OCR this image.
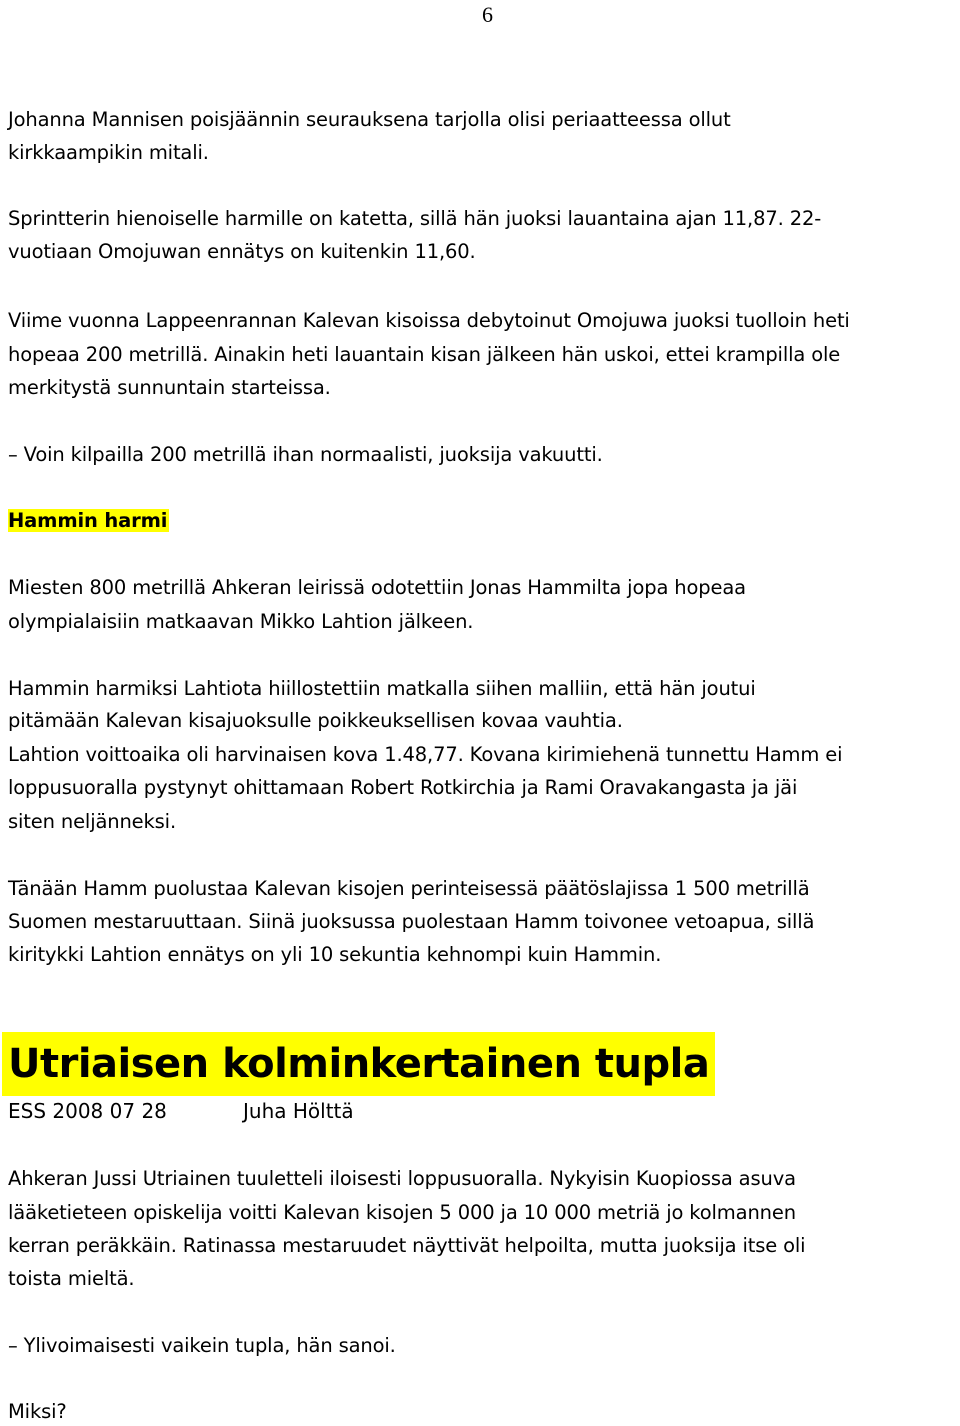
6
Johanna Mannisen poisjäännin seurauksena tarjolla olisi periaatteessa ollut
kirkkaampikin mitali.
Sprintterin hienoiselle harmille on katetta, sillä hän juoksi lauantaina ajan 11,87. 22-
vuotiaan Omojuwan ennätys on kuitenkin 11,60.
Viime vuonna Lappeenrannan Kalevan kisoissa debytoinut Omojuwa juoksi tuolloin heti
hopeaa 200 metrillä. Ainakin heti lauantain kisan jälkeen hän uskoi, ettei krampilla ole
merkitystä sunnuntain starteissa.
– Voin kilpailla 200 metrillä ihan normaalisti, juoksija vakuutti.
Hammin harmi
Miesten 800 metrillä Ahkeran leirissä odotettiin Jonas Hammilta jopa hopeaa
olympialaisiin matkaavan Mikko Lahtion jälkeen.
Hammin harmiksi Lahtiota hiillostettiin matkalla siihen malliin, että hän joutui
pitämään Kalevan kisajuoksulle poikkeuksellisen kovaa vauhtia.
Lahtion voittoaika oli harvinaisen kova 1.48,77. Kovana kirimiehenä tunnettu Hamm ei
loppusuoralla pystynyt ohittamaan Robert Rotkirchia ja Rami Oravakangasta ja jäi
siten neljänneksi.
Tänään Hamm puolustaa Kalevan kisojen perinteisessä päätöslajissa 1 500 metrillä
Suomen mestaruuttaan. Siinä juoksussa puolestaan Hamm toivonee vetoapua, sillä
kiritykki Lahtion ennätys on yli 10 sekuntia kehnompi kuin Hammin.
Utriaisen kolminkertainen tupla
ESS 2008 07 28	Juha Hölttä
Ahkeran Jussi Utriainen tuuletteli iloisesti loppusuoralla. Nykyisin Kuopiossa asuva
lääketieteen opiskelija voitti Kalevan kisojen 5 000 ja 10 000 metriä jo kolmannen
kerran peräkkäin. Ratinassa mestaruudet näyttivät helpoilta, mutta juoksija itse oli
toista mieltä.
– Ylivoimaisesti vaikein tupla, hän sanoi.
Miksi?
